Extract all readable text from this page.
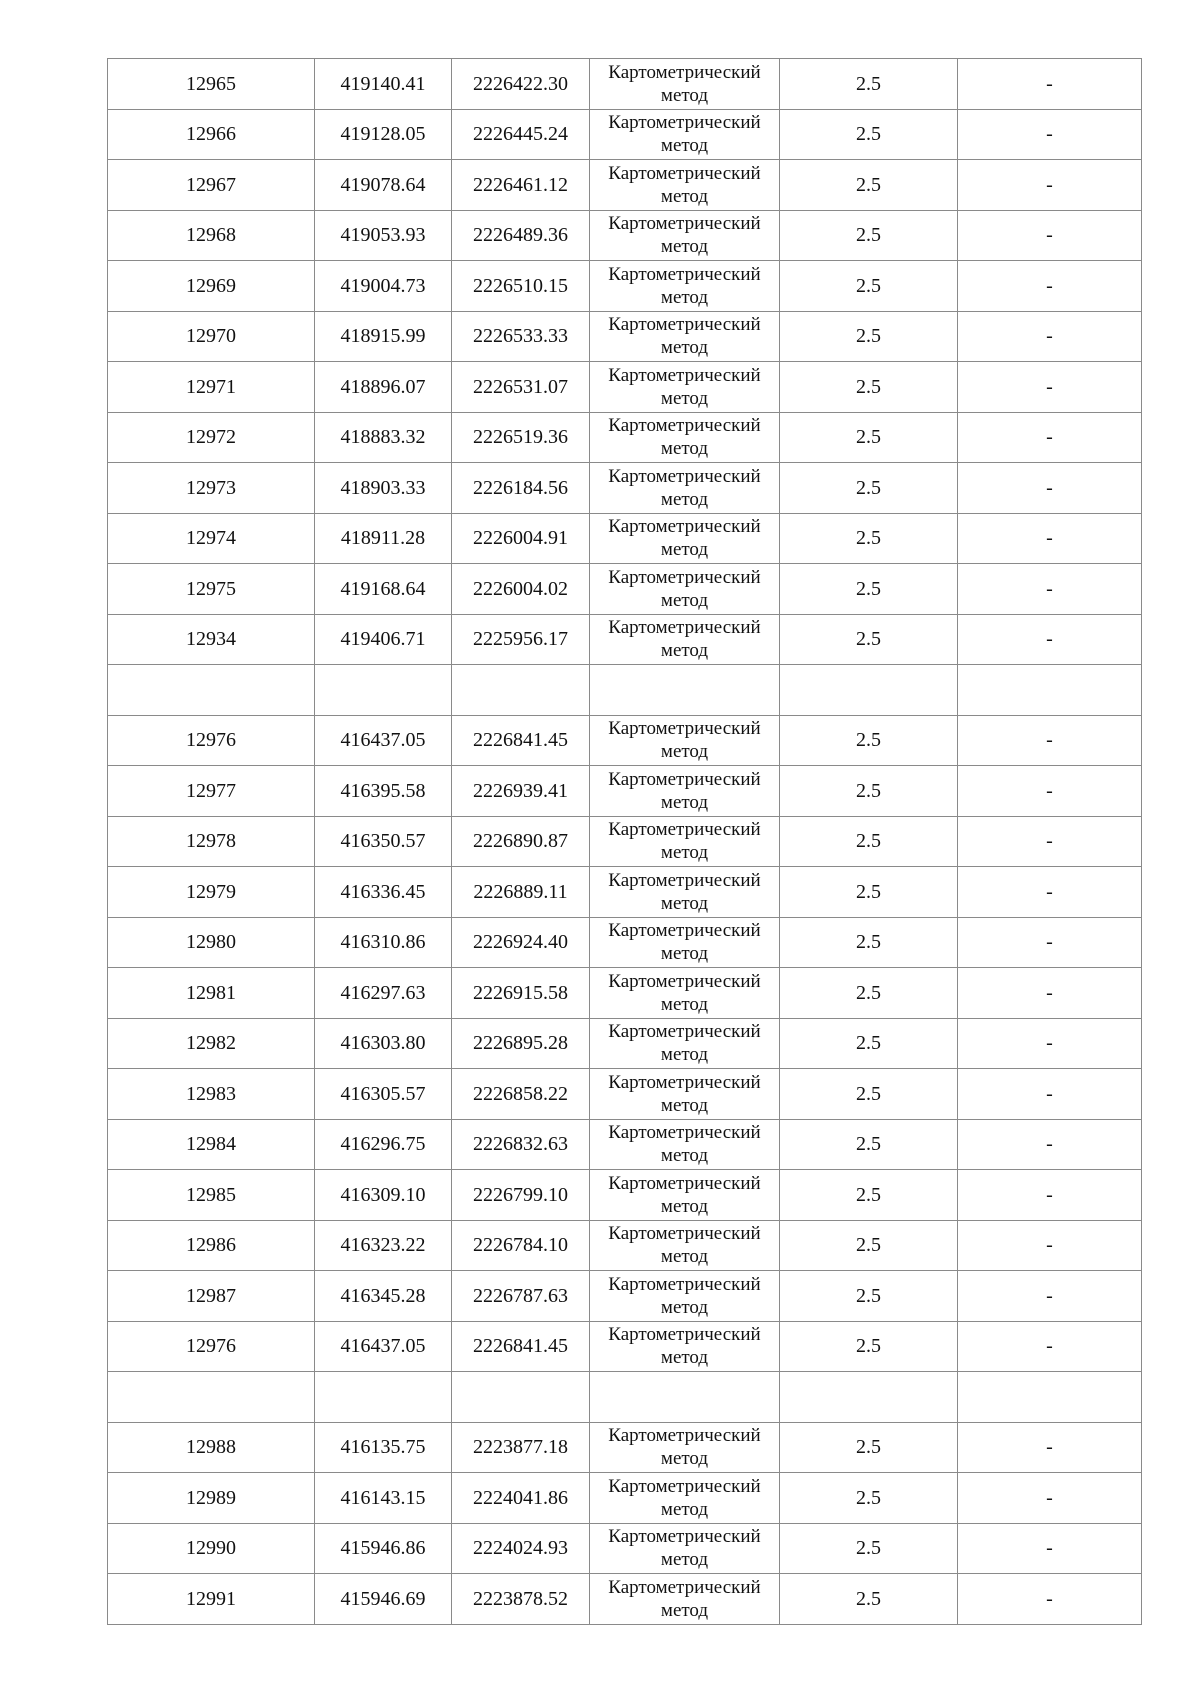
12965	419140.41	2226422.30	Картометрический метод	2.5	-
12966	419128.05	2226445.24	Картометрический метод	2.5	-
12967	419078.64	2226461.12	Картометрический метод	2.5	-
12968	419053.93	2226489.36	Картометрический метод	2.5	-
12969	419004.73	2226510.15	Картометрический метод	2.5	-
12970	418915.99	2226533.33	Картометрический метод	2.5	-
12971	418896.07	2226531.07	Картометрический метод	2.5	-
12972	418883.32	2226519.36	Картометрический метод	2.5	-
12973	418903.33	2226184.56	Картометрический метод	2.5	-
12974	418911.28	2226004.91	Картометрический метод	2.5	-
12975	419168.64	2226004.02	Картометрический метод	2.5	-
12934	419406.71	2225956.17	Картометрический метод	2.5	-

12976	416437.05	2226841.45	Картометрический метод	2.5	-
12977	416395.58	2226939.41	Картометрический метод	2.5	-
12978	416350.57	2226890.87	Картометрический метод	2.5	-
12979	416336.45	2226889.11	Картометрический метод	2.5	-
12980	416310.86	2226924.40	Картометрический метод	2.5	-
12981	416297.63	2226915.58	Картометрический метод	2.5	-
12982	416303.80	2226895.28	Картометрический метод	2.5	-
12983	416305.57	2226858.22	Картометрический метод	2.5	-
12984	416296.75	2226832.63	Картометрический метод	2.5	-
12985	416309.10	2226799.10	Картометрический метод	2.5	-
12986	416323.22	2226784.10	Картометрический метод	2.5	-
12987	416345.28	2226787.63	Картометрический метод	2.5	-
12976	416437.05	2226841.45	Картометрический метод	2.5	-

12988	416135.75	2223877.18	Картометрический метод	2.5	-
12989	416143.15	2224041.86	Картометрический метод	2.5	-
12990	415946.86	2224024.93	Картометрический метод	2.5	-
12991	415946.69	2223878.52	Картометрический метод	2.5	-
